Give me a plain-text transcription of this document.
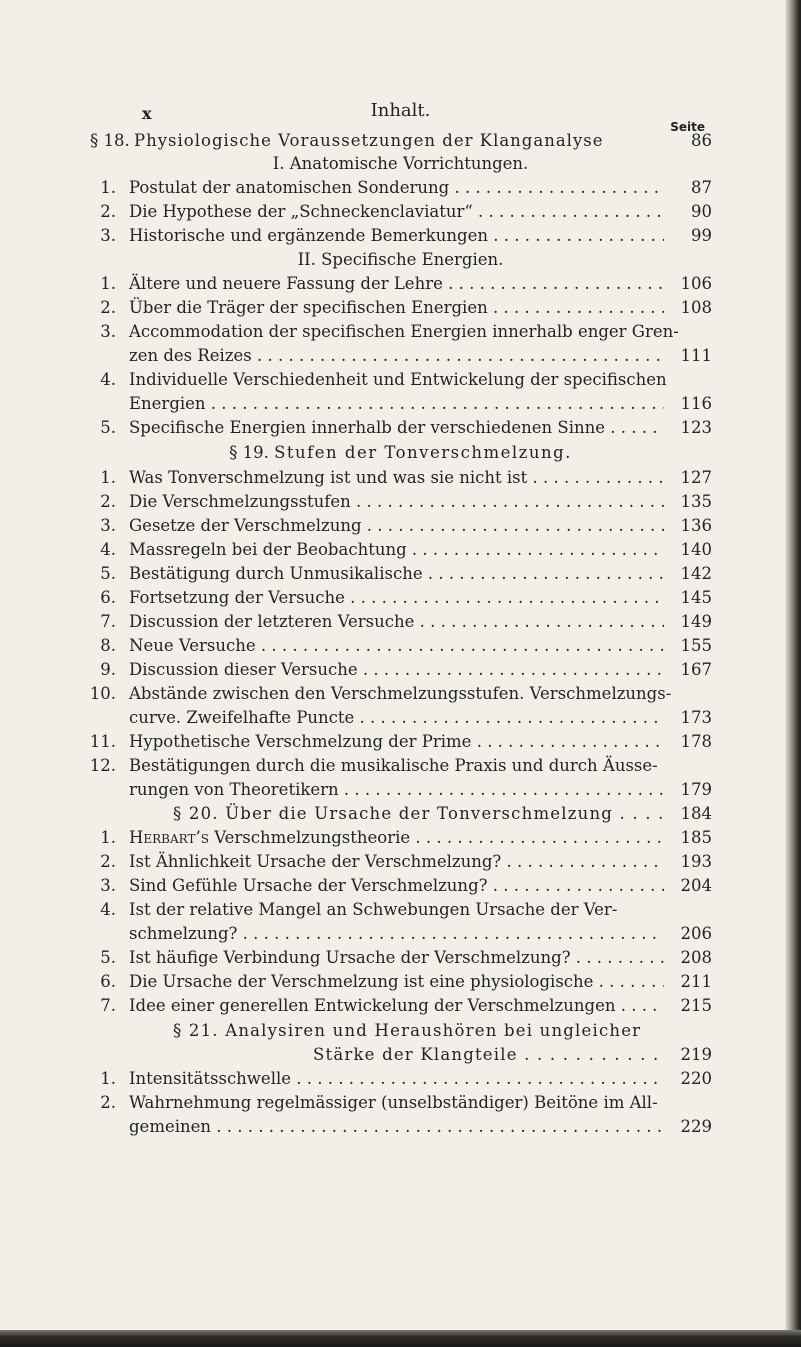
x	Inhalt.
Seite
§ 18. Physiologische Voraussetzungen der Klanganalyse	86
I. Anatomische Vorrichtungen.
1. Postulat der anatomischen Sonderung . . .	87
2. Die Hypothese der „Schneckenclaviatur“ . . .	90
3. Historische und ergänzende Bemerkungen . . .	99
II. Specifische Energien.
1. Ältere und neuere Fassung der Lehre . . .	106
2. Über die Träger der specifischen Energien . . .	108
3. Accommodation der specifischen Energien innerhalb enger Gren-
zen des Reizes . . .	111
4. Individuelle Verschiedenheit und Entwickelung der specifischen
Energien . . .	116
5. Specifische Energien innerhalb der verschiedenen Sinne . . .	123
§ 19. Stufen der Tonverschmelzung.
1. Was Tonverschmelzung ist und was sie nicht ist . . .	127
2. Die Verschmelzungsstufen . . .	135
3. Gesetze der Verschmelzung . . .	136
4. Massregeln bei der Beobachtung . . .	140
5. Bestätigung durch Unmusikalische . . .	142
6. Fortsetzung der Versuche . . .	145
7. Discussion der letzteren Versuche . . .	149
8. Neue Versuche . . .	155
9. Discussion dieser Versuche . . .	167
10. Abstände zwischen den Verschmelzungsstufen. Verschmelzungs-
curve. Zweifelhafte Puncte . . .	173
11. Hypothetische Verschmelzung der Prime . . .	178
12. Bestätigungen durch die musikalische Praxis und durch Äusse-
rungen von Theoretikern . . .	179
§ 20. Über die Ursache der Tonverschmelzung . . .	184
1. Herbart’s Verschmelzungstheorie . . .	185
2. Ist Ähnlichkeit Ursache der Verschmelzung? . . .	193
3. Sind Gefühle Ursache der Verschmelzung? . . .	204
4. Ist der relative Mangel an Schwebungen Ursache der Ver-
schmelzung? . . .	206
5. Ist häufige Verbindung Ursache der Verschmelzung? . . .	208
6. Die Ursache der Verschmelzung ist eine physiologische . . .	211
7. Idee einer generellen Entwickelung der Verschmelzungen . . .	215
§ 21. Analysiren und Heraushören bei ungleicher
Stärke der Klangteile . . .	219
1. Intensitätsschwelle . . .	220
2. Wahrnehmung regelmässiger (unselbständiger) Beitöne im All-
gemeinen . . .	229
